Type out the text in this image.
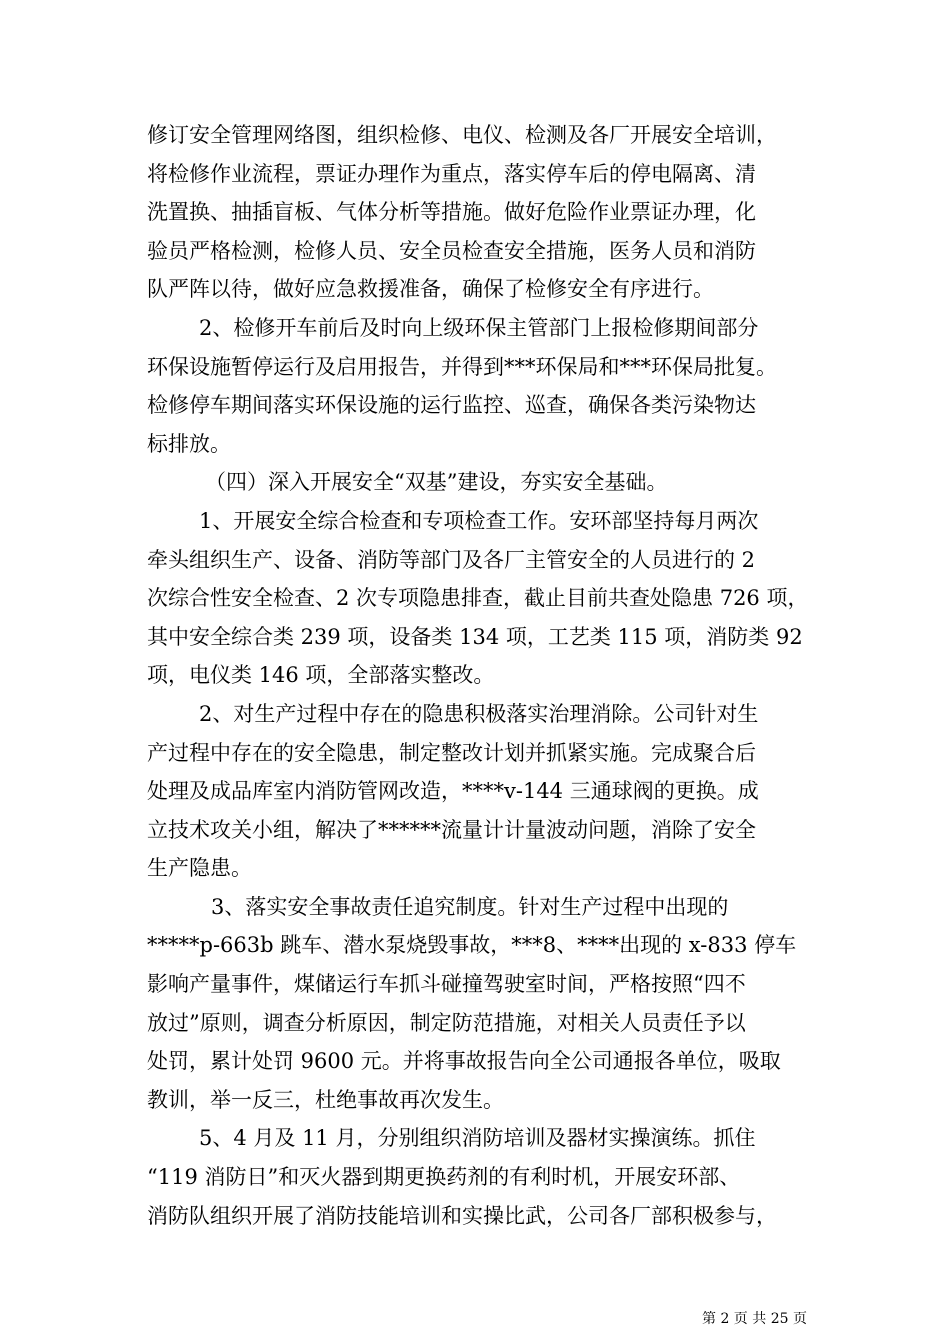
修订安全管理网络图，组织检修、电仪、检测及各厂开展安全培训，
将检修作业流程，票证办理作为重点，落实停车后的停电隔离、清
洗置换、抽插盲板、气体分析等措施。做好危险作业票证办理，化
验员严格检测，检修人员、安全员检查安全措施，医务人员和消防
队严阵以待，做好应急救援准备，确保了检修安全有序进行。
2、检修开车前后及时向上级环保主管部门上报检修期间部分
环保设施暂停运行及启用报告，并得到***环保局和***环保局批复。
检修停车期间落实环保设施的运行监控、巡查，确保各类污染物达
标排放。
（四）深入开展安全“双基”建设，夯实安全基础。
1、开展安全综合检查和专项检查工作。安环部坚持每月两次
牵头组织生产、设备、消防等部门及各厂主管安全的人员进行的 2
次综合性安全检查、2 次专项隐患排查，截止目前共查处隐患 726 项，
其中安全综合类 239 项，设备类 134 项，工艺类 115 项，消防类 92
项，电仪类 146 项，全部落实整改。
2、对生产过程中存在的隐患积极落实治理消除。公司针对生
产过程中存在的安全隐患，制定整改计划并抓紧实施。完成聚合后
处理及成品库室内消防管网改造，****v-144 三通球阀的更换。成
立技术攻关小组，解决了******流量计计量波动问题，消除了安全
生产隐患。
3、落实安全事故责任追究制度。针对生产过程中出现的
*****p-663b 跳车、潜水泵烧毁事故，***8、****出现的 x-833 停车
影响产量事件，煤储运行车抓斗碰撞驾驶室时间，严格按照“四不
放过”原则，调查分析原因，制定防范措施，对相关人员责任予以
处罚，累计处罚 9600 元。并将事故报告向全公司通报各单位，吸取
教训，举一反三，杜绝事故再次发生。
5、4 月及 11 月，分别组织消防培训及器材实操演练。抓住
“119 消防日”和灭火器到期更换药剂的有利时机，开展安环部、
消防队组织开展了消防技能培训和实操比武，公司各厂部积极参与，
第 2 页 共 25 页
